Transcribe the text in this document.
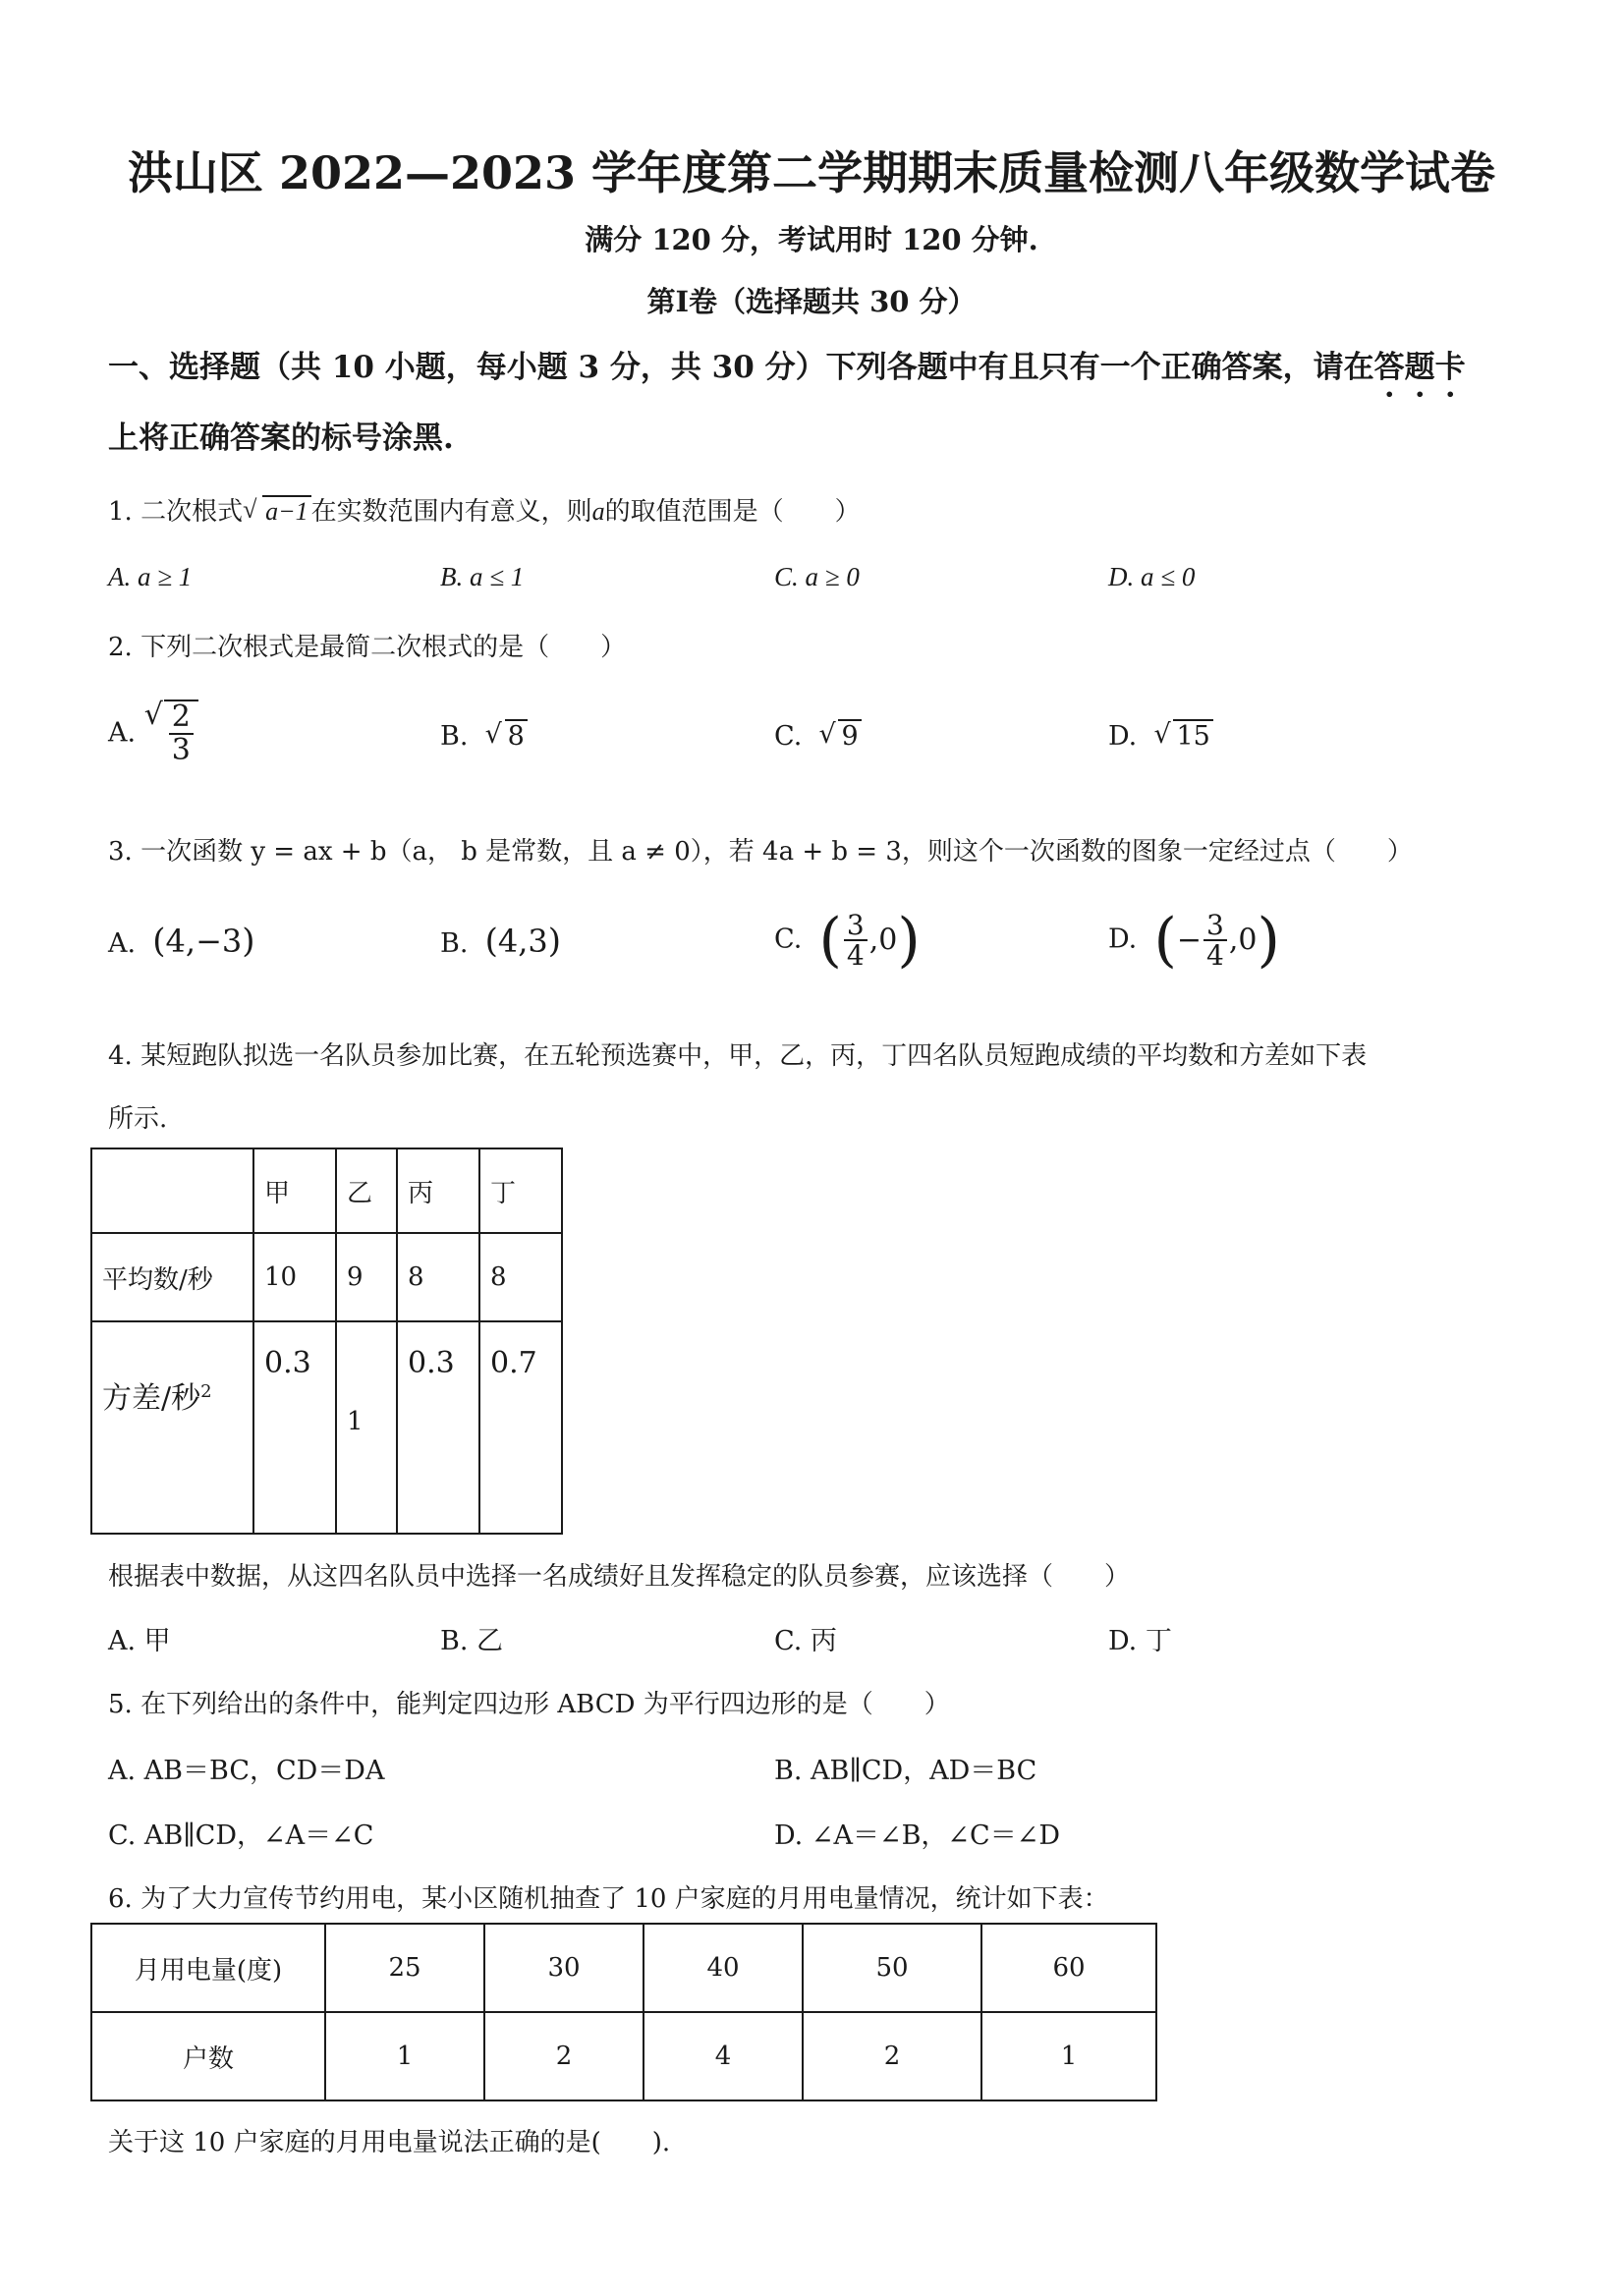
洪山区 2022—2023 学年度第二学期期末质量检测八年级数学试卷
满分 120 分，考试用时 120 分钟.
第Ⅰ卷（选择题共 30 分）
一、选择题（共 10 小题，每小题 3 分，共 30 分）下列各题中有且只有一个正确答案，请在答题卡
上将正确答案的标号涂黑.
1. 二次根式 √ a−1 在实数范围内有意义，则a的取值范围是（　　）
A. a ≥ 1	B. a ≤ 1	C. a ≥ 0	D. a ≤ 0
2. 下列二次根式是最简二次根式的是（　　）
A. √ $\frac{2}{3}$	B. √ 8	C. √ 9	D. √ 15
3. 一次函数 y = ax + b（a， b 是常数，且 a ≠ 0），若 4a + b = 3，则这个一次函数的图象一定经过点（　　）
A. (4,−3)	B. (4,3)	C. ( $\frac{3}{4} ,0$)	D. (− $\frac{3}{4} ,0$)
4. 某短跑队拟选一名队员参加比赛，在五轮预选赛中，甲，乙，丙，丁四名队员短跑成绩的平均数和方差如下表
所示.
	甲	乙	丙	丁
平均数/秒	10	9	8	8
方差/秒$^2$	0.3	1	0.3	0.7
根据表中数据，从这四名队员中选择一名成绩好且发挥稳定的队员参赛，应该选择（　　）
A. 甲	B. 乙	C. 丙	D. 丁
5. 在下列给出的条件中，能判定四边形 ABCD 为平行四边形的是（　　）
A. AB＝BC，CD＝DA	B. AB∥CD，AD＝BC
C. AB∥CD，∠A＝∠C	D. ∠A＝∠B，∠C＝∠D
6. 为了大力宣传节约用电，某小区随机抽查了 10 户家庭的月用电量情况，统计如下表：
月用电量(度)	25	30	40	50	60
户数	1	2	4	2	1
关于这 10 户家庭的月用电量说法正确的是(　　).
